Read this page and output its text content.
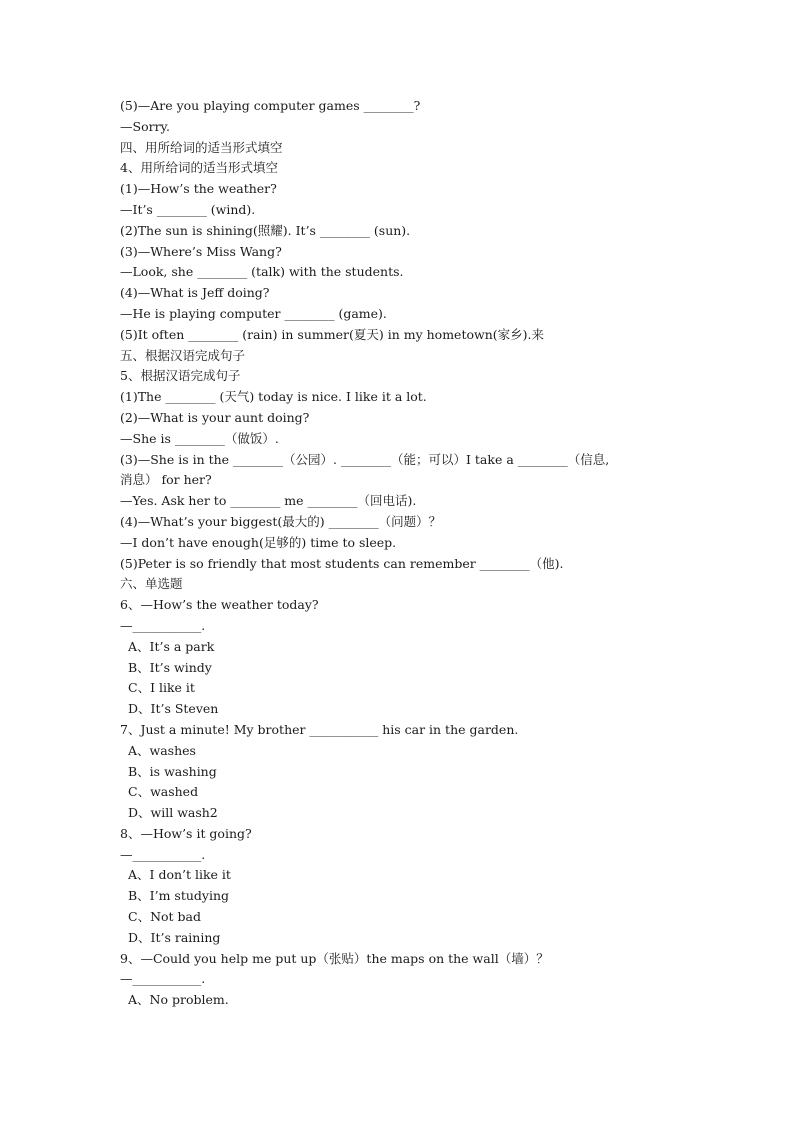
(5)—Are you playing computer games ________?
—Sorry.
四、用所给词的适当形式填空
4、用所给词的适当形式填空
(1)—How’s the weather?
—It’s ________ (wind).
(2)The sun is shining(照耀). It’s ________ (sun).
(3)—Where’s Miss Wang?
—Look, she ________ (talk) with the students.
(4)—What is Jeff doing?
—He is playing computer ________ (game).
(5)It often ________ (rain) in summer(夏天) in my hometown(家乡).来
五、根据汉语完成句子
5、根据汉语完成句子
(1)The ________ (天气) today is nice. I like it a lot.
(2)—What is your aunt doing?
—She is ________（做饭）.
(3)—She is in the ________（公园）. ________（能；可以）I take a ________（信息,
消息） for her?
—Yes. Ask her to ________ me ________（回电话).
(4)—What’s your biggest(最大的) ________（问题）？
—I don’t have enough(足够的) time to sleep.
(5)Peter is so friendly that most students can remember ________（他).
六、单选题
6、—How’s the weather today?
—___________.
A、It’s a park
B、It’s windy
C、I like it
D、It’s Steven
7、Just a minute! My brother ___________ his car in the garden.
A、washes
B、is washing
C、washed
D、will wash2
8、—How’s it going?
—___________.
A、I don’t like it
B、I’m studying
C、Not bad
D、It’s raining
9、—Could you help me put up（张贴）the maps on the wall（墙）？
—___________.
A、No problem.
